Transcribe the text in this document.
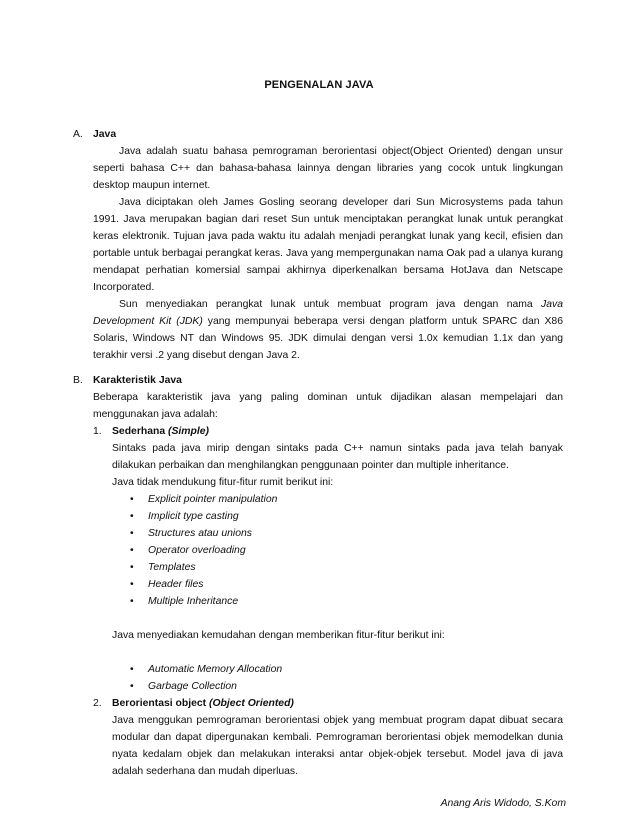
PENGENALAN JAVA
A. Java

Java adalah suatu bahasa pemrograman berorientasi object(Object Oriented) dengan unsur seperti bahasa C++ dan bahasa-bahasa lainnya dengan libraries yang cocok untuk lingkungan desktop maupun internet.

Java diciptakan oleh James Gosling seorang developer dari Sun Microsystems pada tahun 1991. Java merupakan bagian dari reset Sun untuk menciptakan perangkat lunak untuk perangkat keras elektronik. Tujuan java pada waktu itu adalah menjadi perangkat lunak yang kecil, efisien dan portable untuk berbagai perangkat keras. Java yang mempergunakan nama Oak pad a ulanya kurang mendapat perhatian komersial sampai akhirnya diperkenalkan bersama HotJava dan Netscape Incorporated.

Sun menyediakan perangkat lunak untuk membuat program java dengan nama Java Development Kit (JDK) yang mempunyai beberapa versi dengan platform untuk SPARC dan X86 Solaris, Windows NT dan Windows 95. JDK dimulai dengan versi 1.0x kemudian 1.1x dan yang terakhir versi .2 yang disebut dengan Java 2.

B. Karakteristik Java

Beberapa karakteristik java yang paling dominan untuk dijadikan alasan mempelajari dan menggunakan java adalah:

1. Sederhana (Simple)

Sintaks pada java mirip dengan sintaks pada C++ namun sintaks pada java telah banyak dilakukan perbaikan dan menghilangkan penggunaan pointer dan multiple inheritance.

Java tidak mendukung fitur-fitur rumit berikut ini:

• Explicit pointer manipulation
• Implicit type casting
• Structures atau unions
• Operator overloading
• Templates
• Header files
• Multiple Inheritance

Java menyediakan kemudahan dengan memberikan fitur-fitur berikut ini:

• Automatic Memory Allocation
• Garbage Collection
2. Berorientasi object (Object Oriented)

Java menggukan pemrograman berorientasi objek yang membuat program dapat dibuat secara modular dan dapat dipergunakan kembali. Pemrograman berorientasi objek memodelkan dunia nyata kedalam objek dan melakukan interaksi antar objek-objek tersebut. Model java di java adalah sederhana dan mudah diperluas.

Anang Aris Widodo, S.Kom
